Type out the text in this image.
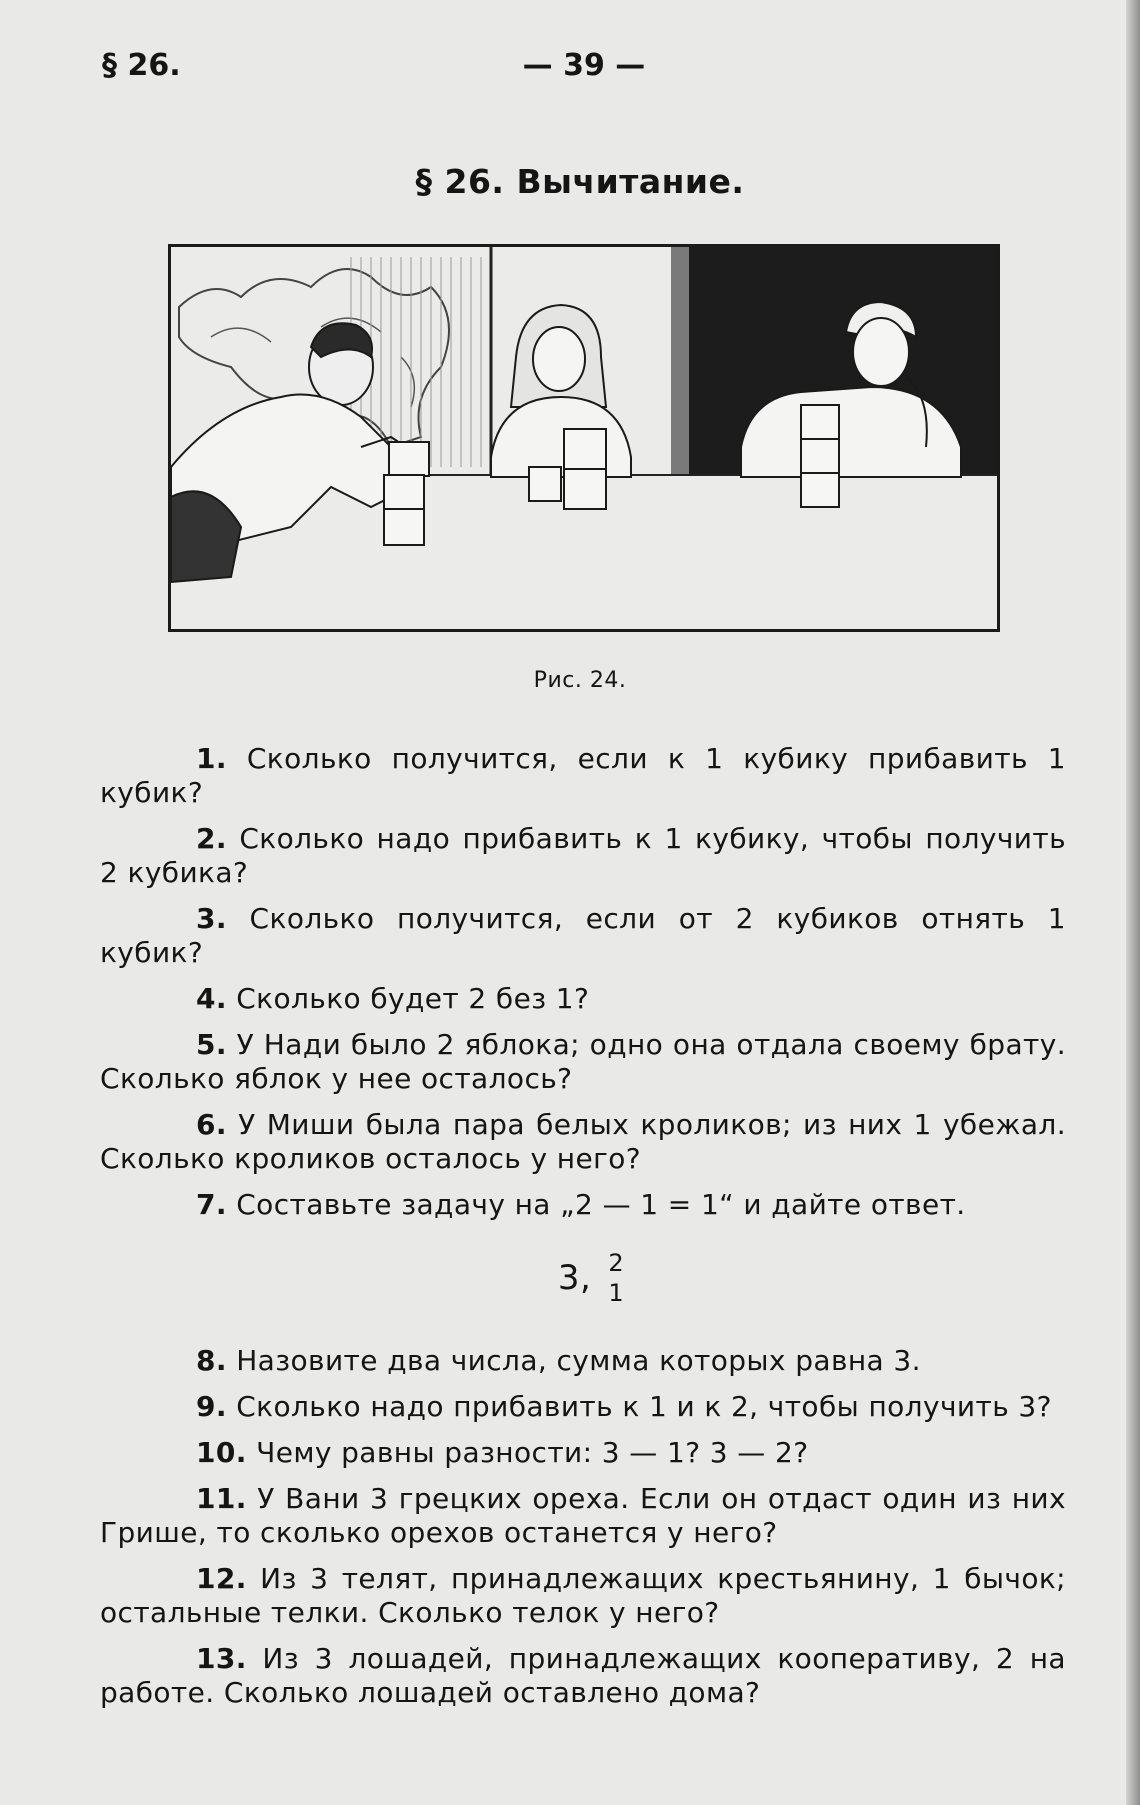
§ 26.	— 39 —
§ 26. Вычитание.
Рис. 24.

1. Сколько получится, если к 1 кубику прибавить 1 кубик?

2. Сколько надо прибавить к 1 кубику, чтобы получить 2 кубика?

3. Сколько получится, если от 2 кубиков отнять 1 кубик?

4. Сколько будет 2 без 1?

5. У Нади было 2 яблока; одно она отдала своему брату. Сколько яблок у нее осталось?

6. У Миши была пара белых кроликов; из них 1 убежал. Сколько кроликов осталось у него?

7. Составьте задачу на „2 — 1 = 1“ и дайте ответ.

3, 2
1

8. Назовите два числа, сумма которых равна 3.

9. Сколько надо прибавить к 1 и к 2, чтобы получить 3?

10. Чему равны разности: 3 — 1? 3 — 2?

11. У Вани 3 грецких ореха. Если он отдаст один из них Грише, то сколько орехов останется у него?

12. Из 3 телят, принадлежащих крестьянину, 1 бычок; остальные телки. Сколько телок у него?

13. Из 3 лошадей, принадлежащих кооперативу, 2 на работе. Сколько лошадей оставлено дома?
